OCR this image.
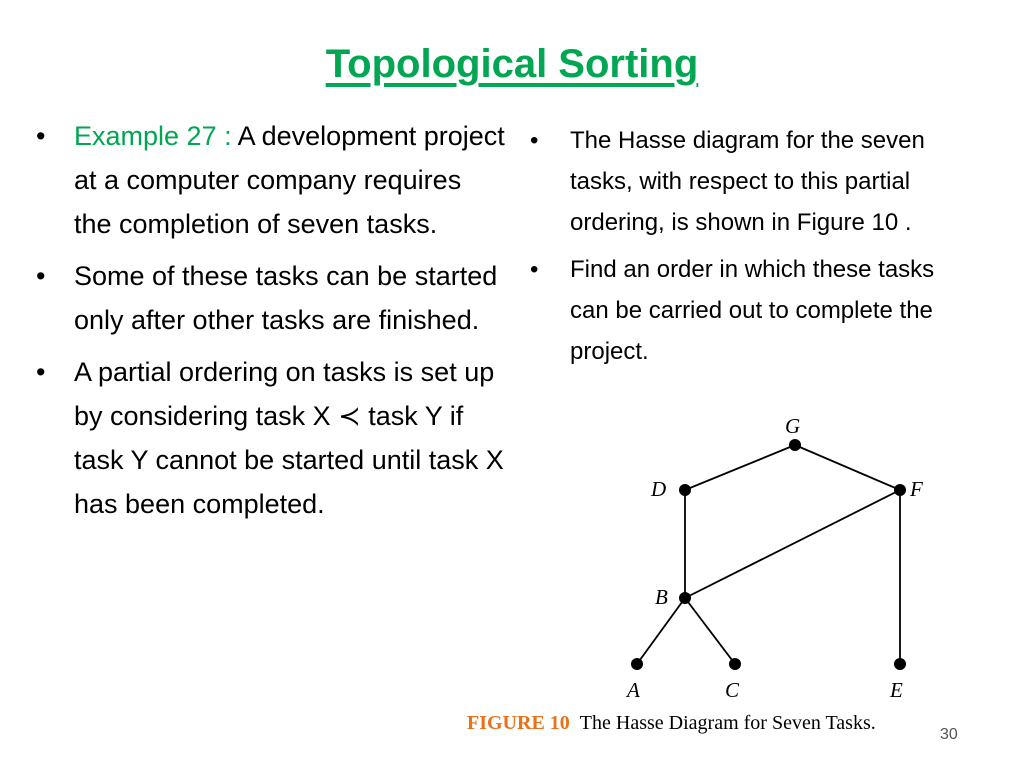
Topological Sorting
• Example 27 : A development project at a computer company requires the completion of seven tasks.
• Some of these tasks can be started only after other tasks are finished.
• A partial ordering on tasks is set up by considering task X ≺ task Y if task Y cannot be started until task X has been completed.
• The Hasse diagram for the seven tasks, with respect to this partial ordering, is shown in Figure 10 .
• Find an order in which these tasks can be carried out to complete the project.
G
D	F
B
A	C	E
FIGURE 10 The Hasse Diagram for Seven Tasks.
30
